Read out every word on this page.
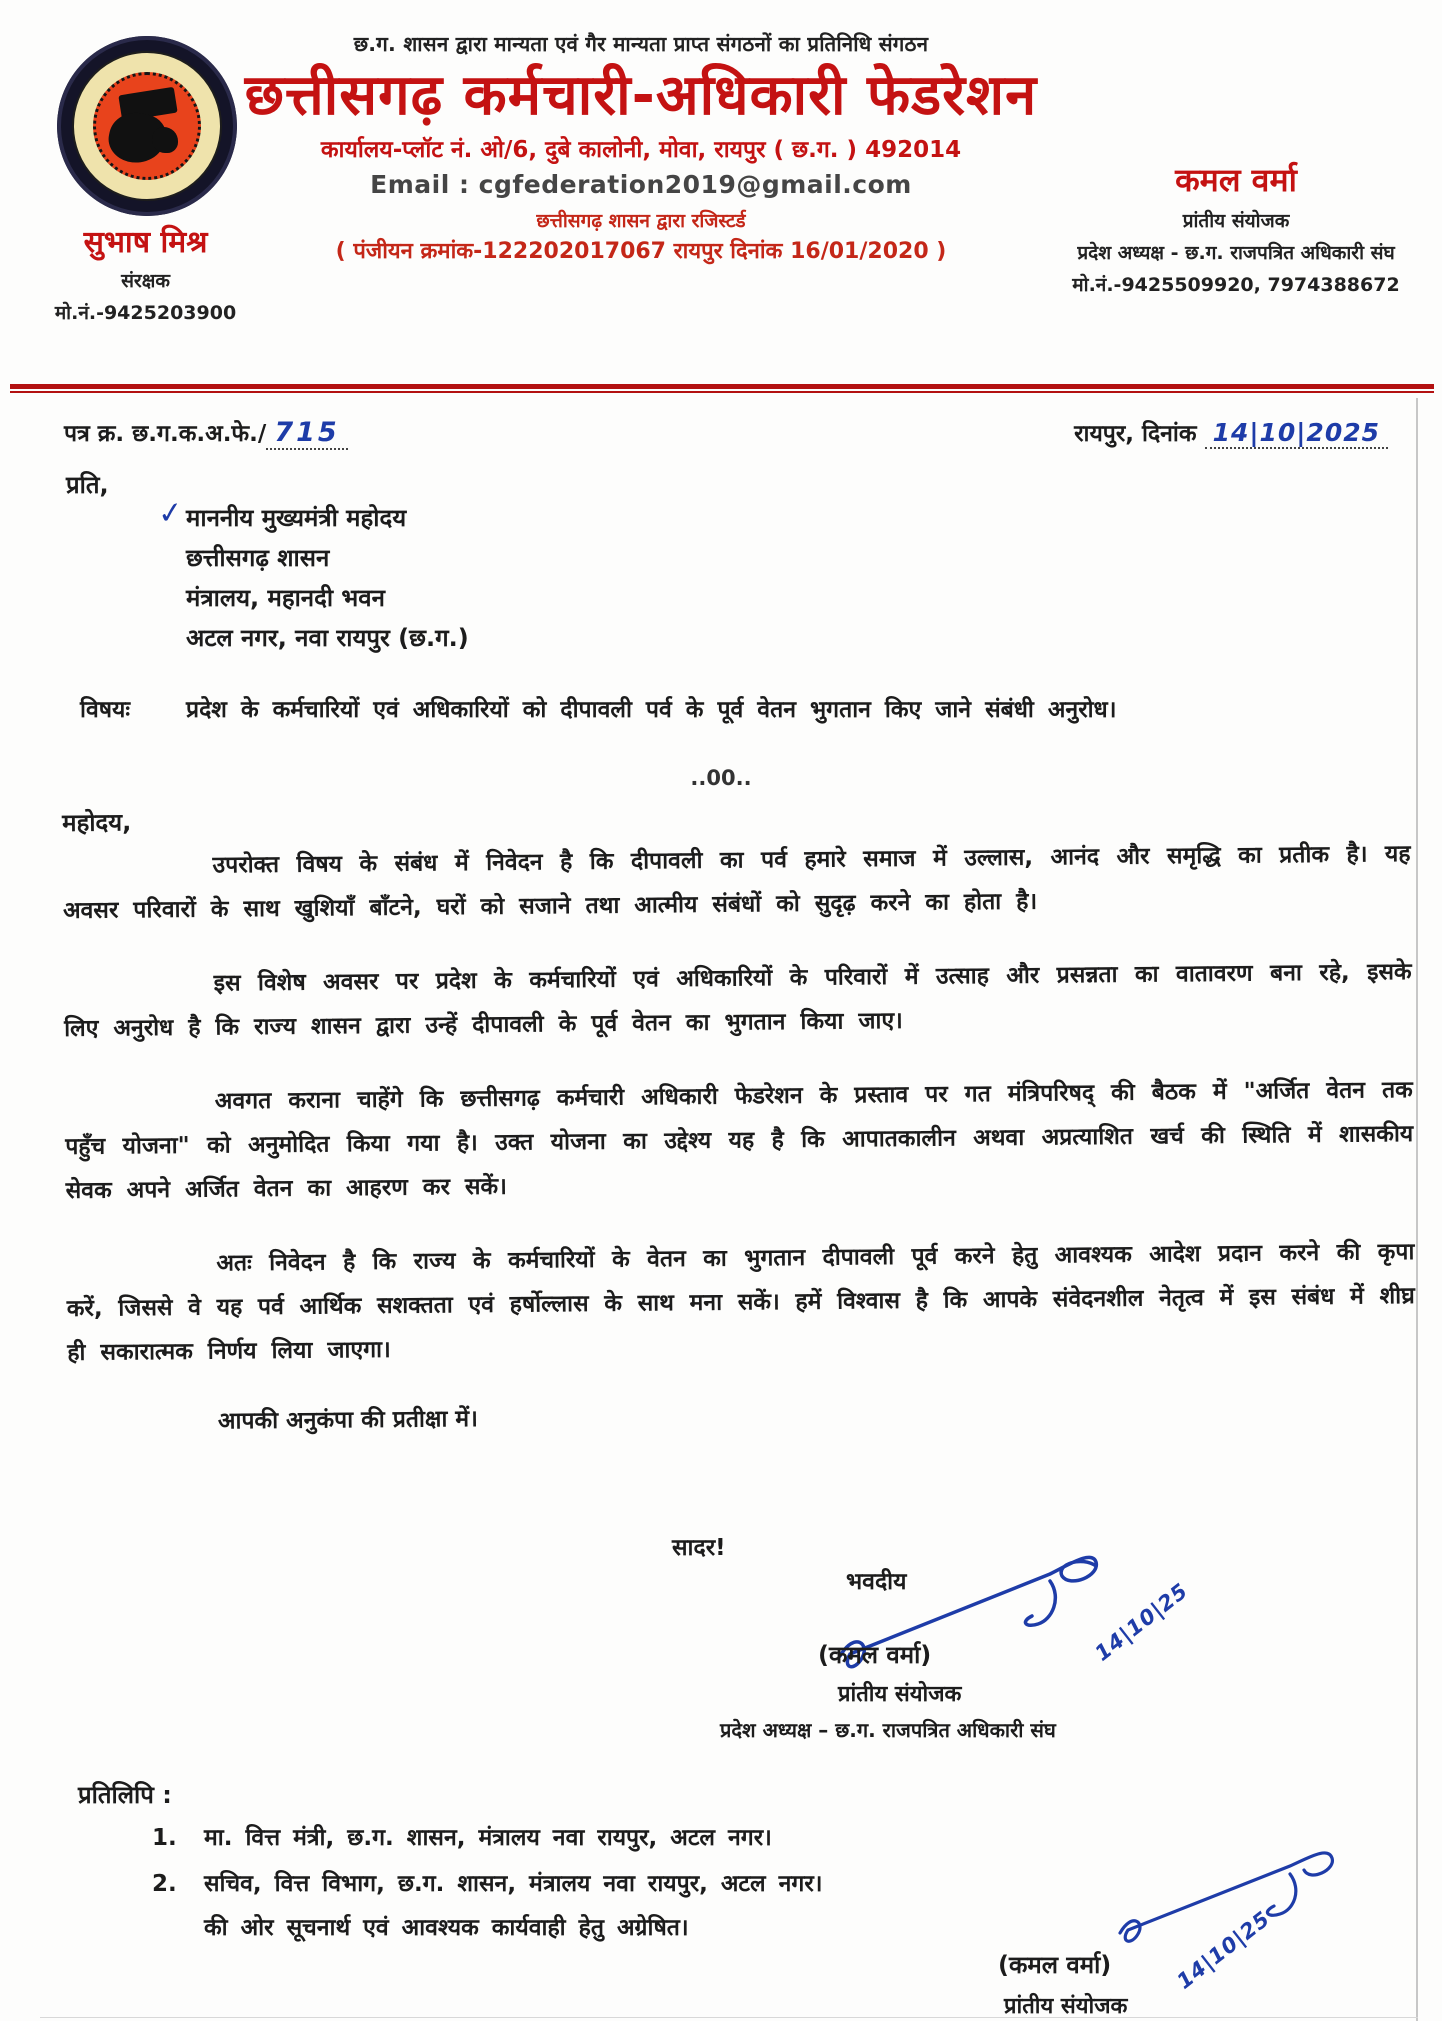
छ.ग. शासन द्वारा मान्यता एवं गैर मान्यता प्राप्त संगठनों का प्रतिनिधि संगठन
छत्तीसगढ़ कर्मचारी-अधिकारी फेडरेशन
कार्यालय-प्लॉट नं. ओ/6, दुबे कालोनी, मोवा, रायपुर ( छ.ग. ) 492014
Email : cgfederation2019@gmail.com
छत्तीसगढ़ शासन द्वारा रजिस्टर्ड
( पंजीयन क्रमांक-122202017067 रायपुर दिनांक 16/01/2020 )
सुभाष मिश्र
संरक्षक
मो.नं.-9425203900
कमल वर्मा
प्रांतीय संयोजक
प्रदेश अध्यक्ष - छ.ग. राजपत्रित अधिकारी संघ
मो.नं.-9425509920, 7974388672
पत्र क्र. छ.ग.क.अ.फे./ 715	रायपुर, दिनांक 14|10|2025
प्रति,
✓ माननीय मुख्यमंत्री महोदय
छत्तीसगढ़ शासन
मंत्रालय, महानदी भवन
अटल नगर, नवा रायपुर (छ.ग.)
विषयः प्रदेश के कर्मचारियों एवं अधिकारियों को दीपावली पर्व के पूर्व वेतन भुगतान किए जाने संबंधी अनुरोध।
..00..
महोदय,

उपरोक्त विषय के संबंध में निवेदन है कि दीपावली का पर्व हमारे समाज में उल्लास, आनंद और समृद्धि का प्रतीक है। यह अवसर परिवारों के साथ खुशियाँ बाँटने, घरों को सजाने तथा आत्मीय संबंधों को सुदृढ़ करने का होता है।

इस विशेष अवसर पर प्रदेश के कर्मचारियों एवं अधिकारियों के परिवारों में उत्साह और प्रसन्नता का वातावरण बना रहे, इसके लिए अनुरोध है कि राज्य शासन द्वारा उन्हें दीपावली के पूर्व वेतन का भुगतान किया जाए।

अवगत कराना चाहेंगे कि छत्तीसगढ़ कर्मचारी अधिकारी फेडरेशन के प्रस्ताव पर गत मंत्रिपरिषद् की बैठक में "अर्जित वेतन तक पहुँच योजना" को अनुमोदित किया गया है। उक्त योजना का उद्देश्य यह है कि आपातकालीन अथवा अप्रत्याशित खर्च की स्थिति में शासकीय सेवक अपने अर्जित वेतन का आहरण कर सकें।

अतः निवेदन है कि राज्य के कर्मचारियों के वेतन का भुगतान दीपावली पूर्व करने हेतु आवश्यक आदेश प्रदान करने की कृपा करें, जिससे वे यह पर्व आर्थिक सशक्तता एवं हर्षोल्लास के साथ मना सकें। हमें विश्वास है कि आपके संवेदनशील नेतृत्व में इस संबंध में शीघ्र ही सकारात्मक निर्णय लिया जाएगा।

आपकी अनुकंपा की प्रतीक्षा में।
सादर!
भवदीय	14|10|25
(कमल वर्मा)
प्रांतीय संयोजक
प्रदेश अध्यक्ष – छ.ग. राजपत्रित अधिकारी संघ
प्रतिलिपि :
1. मा. वित्त मंत्री, छ.ग. शासन, मंत्रालय नवा रायपुर, अटल नगर।
2. सचिव, वित्त विभाग, छ.ग. शासन, मंत्रालय नवा रायपुर, अटल नगर।
की ओर सूचनार्थ एवं आवश्यक कार्यवाही हेतु अग्रेषित।
(कमल वर्मा)	14|10|25
प्रांतीय संयोजक
